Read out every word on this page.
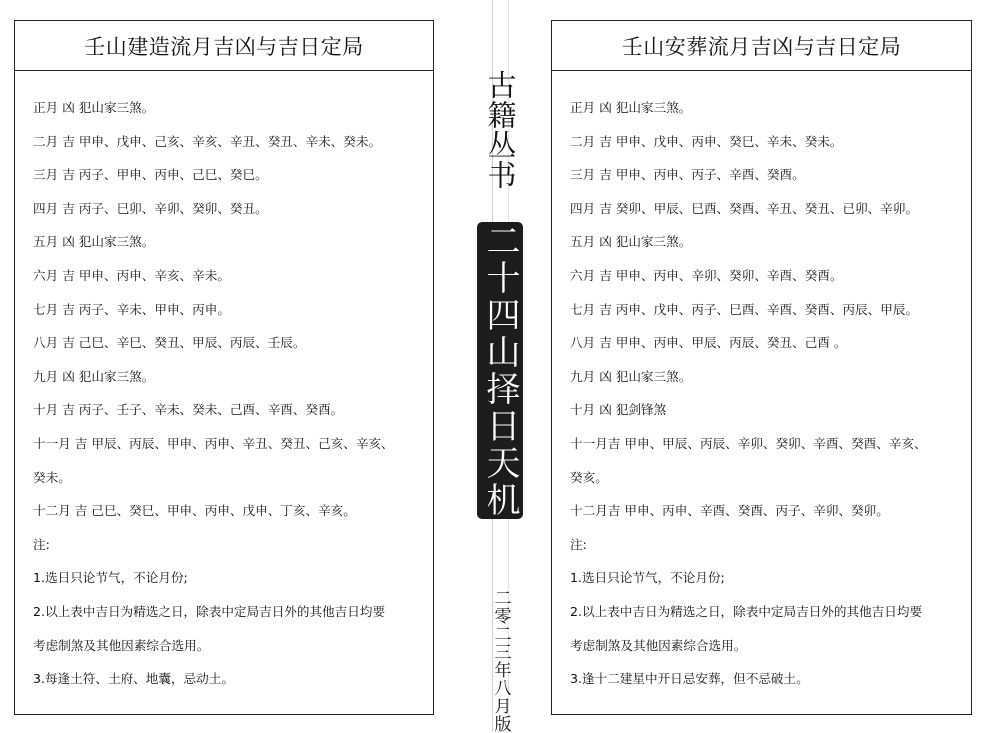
壬山建造流月吉凶与吉日定局
正月 凶 犯山家三煞。
二月 吉 甲申、戊申、己亥、辛亥、辛丑、癸丑、辛未、癸未。
三月 吉 丙子、甲申、丙申、己巳、癸巳。
四月 吉 丙子、巳卯、辛卯、癸卯、癸丑。
五月 凶 犯山家三煞。
六月 吉 甲申、丙申、辛亥、辛未。
七月 吉 丙子、辛未、甲申、丙申。
八月 吉 己巳、辛巳、癸丑、甲辰、丙辰、壬辰。
九月 凶 犯山家三煞。
十月 吉 丙子、壬子、辛未、癸未、己酉、辛酉、癸酉。
十一月 吉 甲辰、丙辰、甲申、丙申、辛丑、癸丑、己亥、辛亥、
癸未。
十二月 吉 己巳、癸巳、甲申、丙申、戊申、丁亥、辛亥。
注:
1.选日只论节气，不论月份;
2.以上表中吉日为精选之日，除表中定局吉日外的其他吉日均要
考虑制煞及其他因素综合选用。
3.每逢土符、土府、地囊，忌动土。
古籍丛书
二十四山择日天机
二零二三年八月版
壬山安葬流月吉凶与吉日定局
正月 凶 犯山家三煞。
二月 吉 甲申、戊申、丙申、癸巳、辛未、癸未。
三月 吉 甲申、丙申、丙子、辛酉、癸酉。
四月 吉 癸卯、甲辰、巳酉、癸酉、辛丑、癸丑、已卯、辛卯。
五月 凶 犯山家三煞。
六月 吉 甲申、丙申、辛卯、癸卯、辛酉、癸酉。
七月 吉 丙申、戊申、丙子、巳酉、辛酉、癸酉、丙辰、甲辰。
八月 吉 甲申、丙申、甲辰、丙辰、癸丑、己酉 。
九月 凶 犯山家三煞。
十月 凶 犯剑锋煞
十一月吉 甲申、甲辰、丙辰、辛卯、癸卯、辛酉、癸酉、辛亥、
癸亥。
十二月吉 甲申、丙申、辛酉、癸酉、丙子、辛卯、癸卯。
注:
1.选日只论节气，不论月份;
2.以上表中吉日为精选之日，除表中定局吉日外的其他吉日均要
考虑制煞及其他因素综合选用。
3.逢十二建星中开日忌安葬，但不忌破土。
